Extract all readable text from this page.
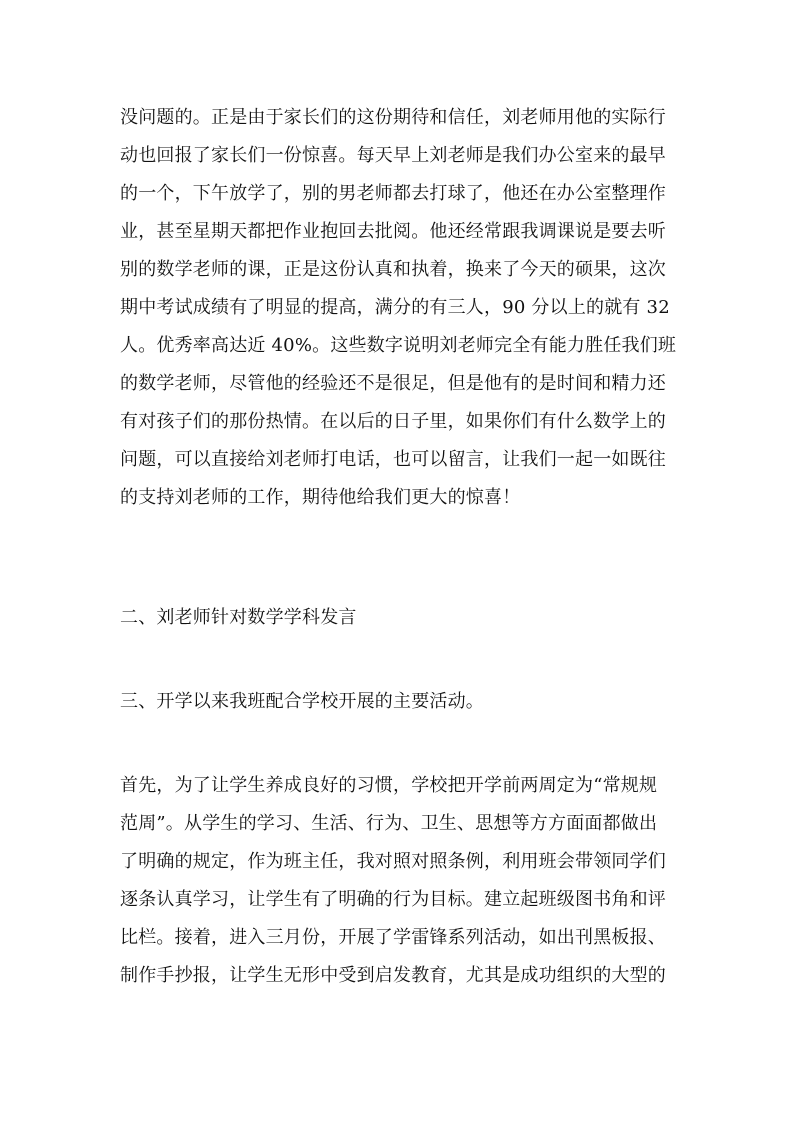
没问题的。正是由于家长们的这份期待和信任，刘老师用他的实际行
动也回报了家长们一份惊喜。每天早上刘老师是我们办公室来的最早
的一个，下午放学了，别的男老师都去打球了，他还在办公室整理作
业，甚至星期天都把作业抱回去批阅。他还经常跟我调课说是要去听
别的数学老师的课，正是这份认真和执着，换来了今天的硕果，这次
期中考试成绩有了明显的提高，满分的有三人，90 分以上的就有 32
人。优秀率高达近 40%。这些数字说明刘老师完全有能力胜任我们班
的数学老师，尽管他的经验还不是很足，但是他有的是时间和精力还
有对孩子们的那份热情。在以后的日子里，如果你们有什么数学上的
问题，可以直接给刘老师打电话，也可以留言，让我们一起一如既往
的支持刘老师的工作，期待他给我们更大的惊喜！
二、刘老师针对数学学科发言
三、开学以来我班配合学校开展的主要活动。
首先，为了让学生养成良好的习惯，学校把开学前两周定为“常规规
范周”。从学生的学习、生活、行为、卫生、思想等方方面面都做出
了明确的规定，作为班主任，我对照对照条例，利用班会带领同学们
逐条认真学习，让学生有了明确的行为目标。建立起班级图书角和评
比栏。接着，进入三月份，开展了学雷锋系列活动，如出刊黑板报、
制作手抄报，让学生无形中受到启发教育，尤其是成功组织的大型的
